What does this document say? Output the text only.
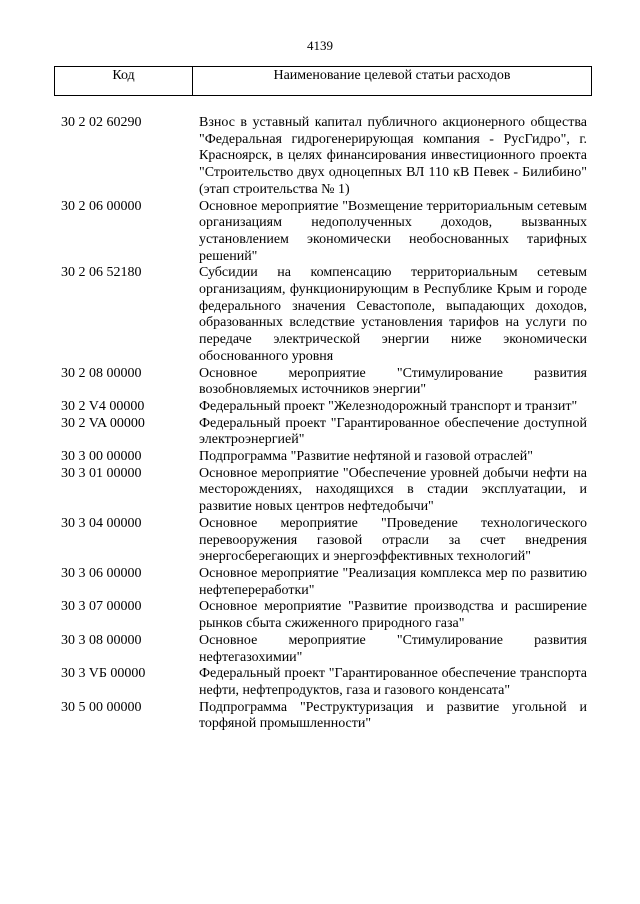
4139
Код	Наименование целевой статьи расходов
30 2 02 60290	Взнос в уставный капитал публичного акционерного общества "Федеральная гидрогенерирующая компания - РусГидро", г. Красноярск, в целях финансирования инвестиционного проекта "Строительство двух одноцепных ВЛ 110 кВ Певек - Билибино" (этап строительства № 1)
30 2 06 00000	Основное мероприятие "Возмещение территориальным сетевым организациям недополученных доходов, вызванных установлением экономически необоснованных тарифных решений"
30 2 06 52180	Субсидии на компенсацию территориальным сетевым организациям, функционирующим в Республике Крым и городе федерального значения Севастополе, выпадающих доходов, образованных вследствие установления тарифов на услуги по передаче электрической энергии ниже экономически обоснованного уровня
30 2 08 00000	Основное мероприятие "Стимулирование развития возобновляемых источников энергии"
30 2 V4 00000	Федеральный проект "Железнодорожный транспорт и транзит"
30 2 VA 00000	Федеральный проект "Гарантированное обеспечение доступной электроэнергией"
30 3 00 00000	Подпрограмма "Развитие нефтяной и газовой отраслей"
30 3 01 00000	Основное мероприятие "Обеспечение уровней добычи нефти на месторождениях, находящихся в стадии эксплуатации, и развитие новых центров нефтедобычи"
30 3 04 00000	Основное мероприятие "Проведение технологического перевооружения газовой отрасли за счет внедрения энергосберегающих и энергоэффективных технологий"
30 3 06 00000	Основное мероприятие "Реализация комплекса мер по развитию нефтепереработки"
30 3 07 00000	Основное мероприятие "Развитие производства и расширение рынков сбыта сжиженного природного газа"
30 3 08 00000	Основное мероприятие "Стимулирование развития нефтегазохимии"
30 3 VБ 00000	Федеральный проект "Гарантированное обеспечение транспорта нефти, нефтепродуктов, газа и газового конденсата"
30 5 00 00000	Подпрограмма "Реструктуризация и развитие угольной и торфяной промышленности"
